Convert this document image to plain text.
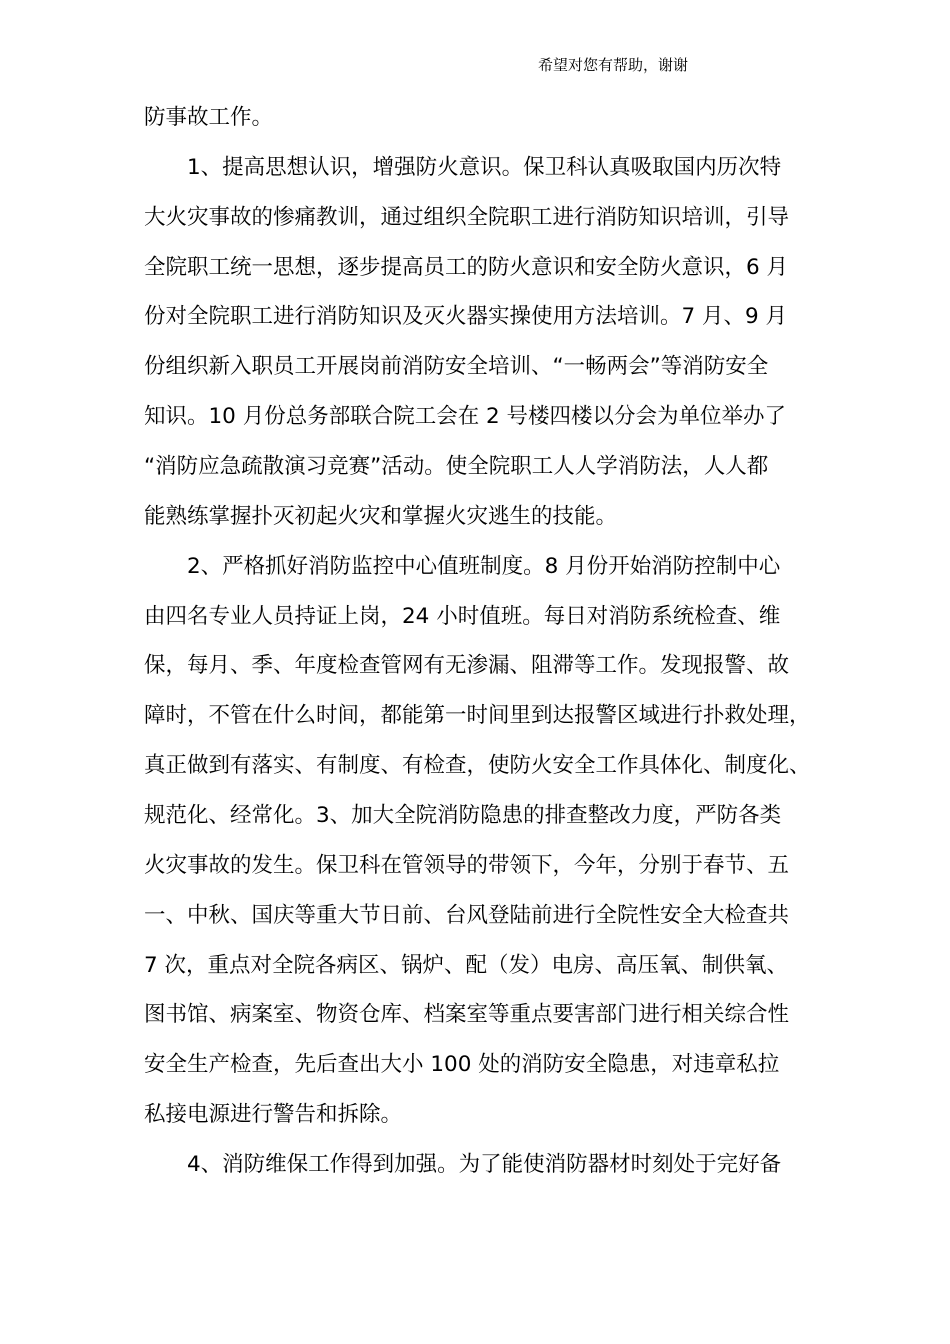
希望对您有帮助，谢谢
防事故工作。
1、提高思想认识，增强防火意识。保卫科认真吸取国内历次特
大火灾事故的惨痛教训，通过组织全院职工进行消防知识培训，引导
全院职工统一思想，逐步提高员工的防火意识和安全防火意识，6 月
份对全院职工进行消防知识及灭火器实操使用方法培训。7 月、9 月
份组织新入职员工开展岗前消防安全培训、“一畅两会”等消防安全
知识。10 月份总务部联合院工会在 2 号楼四楼以分会为单位举办了
“消防应急疏散演习竞赛”活动。使全院职工人人学消防法，人人都
能熟练掌握扑灭初起火灾和掌握火灾逃生的技能。
2、严格抓好消防监控中心值班制度。8 月份开始消防控制中心
由四名专业人员持证上岗，24 小时值班。每日对消防系统检查、维
保，每月、季、年度检查管网有无渗漏、阻滞等工作。发现报警、故
障时，不管在什么时间，都能第一时间里到达报警区域进行扑救处理，
真正做到有落实、有制度、有检查，使防火安全工作具体化、制度化、
规范化、经常化。3、加大全院消防隐患的排查整改力度，严防各类
火灾事故的发生。保卫科在管领导的带领下，今年，分别于春节、五
一、中秋、国庆等重大节日前、台风登陆前进行全院性安全大检查共
7 次，重点对全院各病区、锅炉、配（发）电房、高压氧、制供氧、
图书馆、病案室、物资仓库、档案室等重点要害部门进行相关综合性
安全生产检查，先后查出大小 100 处的消防安全隐患，对违章私拉
私接电源进行警告和拆除。
4、消防维保工作得到加强。为了能使消防器材时刻处于完好备
